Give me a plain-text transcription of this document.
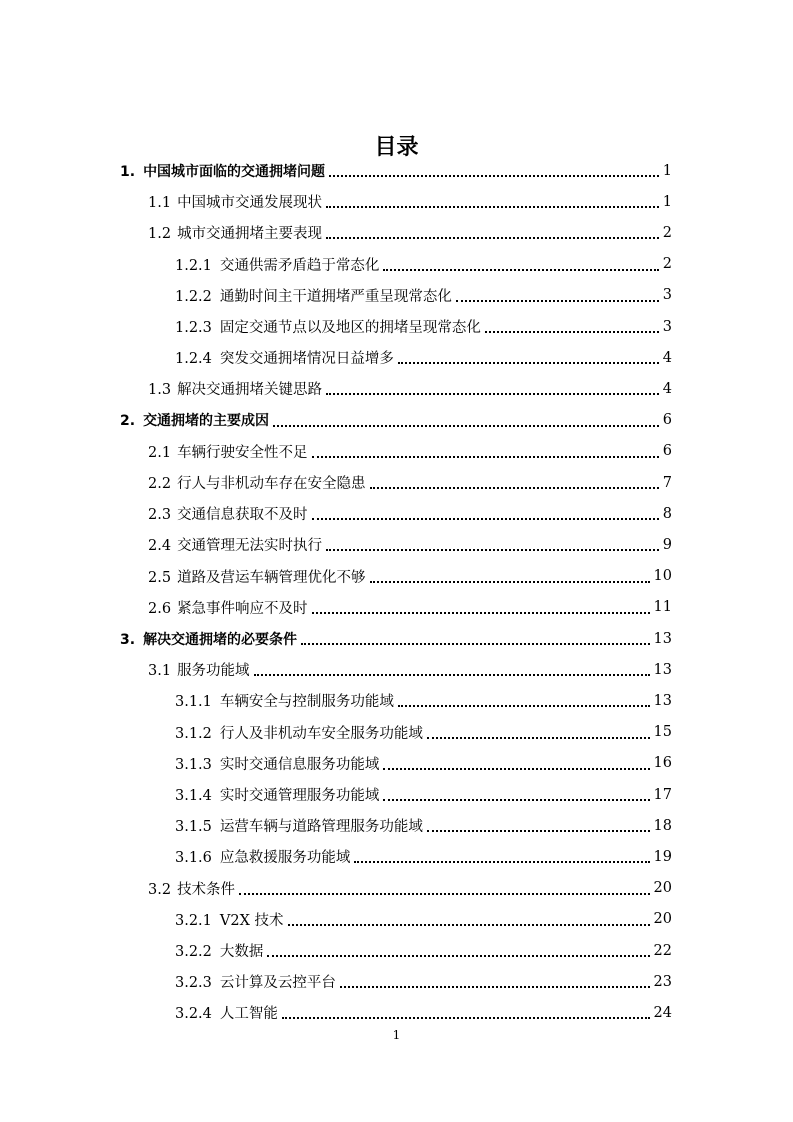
目录
1. 中国城市面临的交通拥堵问题	1
1.1 中国城市交通发展现状	1
1.2 城市交通拥堵主要表现	2
1.2.1 交通供需矛盾趋于常态化	2
1.2.2 通勤时间主干道拥堵严重呈现常态化	3
1.2.3 固定交通节点以及地区的拥堵呈现常态化	3
1.2.4 突发交通拥堵情况日益增多	4
1.3 解决交通拥堵关键思路	4
2. 交通拥堵的主要成因	6
2.1 车辆行驶安全性不足	6
2.2 行人与非机动车存在安全隐患	7
2.3 交通信息获取不及时	8
2.4 交通管理无法实时执行	9
2.5 道路及营运车辆管理优化不够	10
2.6 紧急事件响应不及时	11
3. 解决交通拥堵的必要条件	13
3.1 服务功能域	13
3.1.1 车辆安全与控制服务功能域	13
3.1.2 行人及非机动车安全服务功能域	15
3.1.3 实时交通信息服务功能域	16
3.1.4 实时交通管理服务功能域	17
3.1.5 运营车辆与道路管理服务功能域	18
3.1.6 应急救援服务功能域	19
3.2 技术条件	20
3.2.1 V2X 技术	20
3.2.2 大数据	22
3.2.3 云计算及云控平台	23
3.2.4 人工智能	24
1
